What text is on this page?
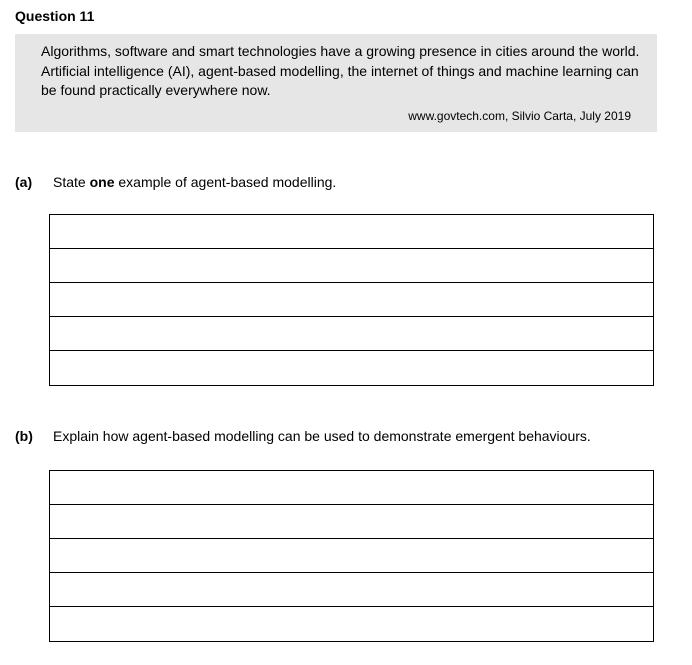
Question 11
Algorithms, software and smart technologies have a growing presence in cities around the world. Artificial intelligence (AI), agent-based modelling, the internet of things and machine learning can be found practically everywhere now.
www.govtech.com, Silvio Carta, July 2019
(a) State one example of agent-based modelling.
(b) Explain how agent-based modelling can be used to demonstrate emergent behaviours.
